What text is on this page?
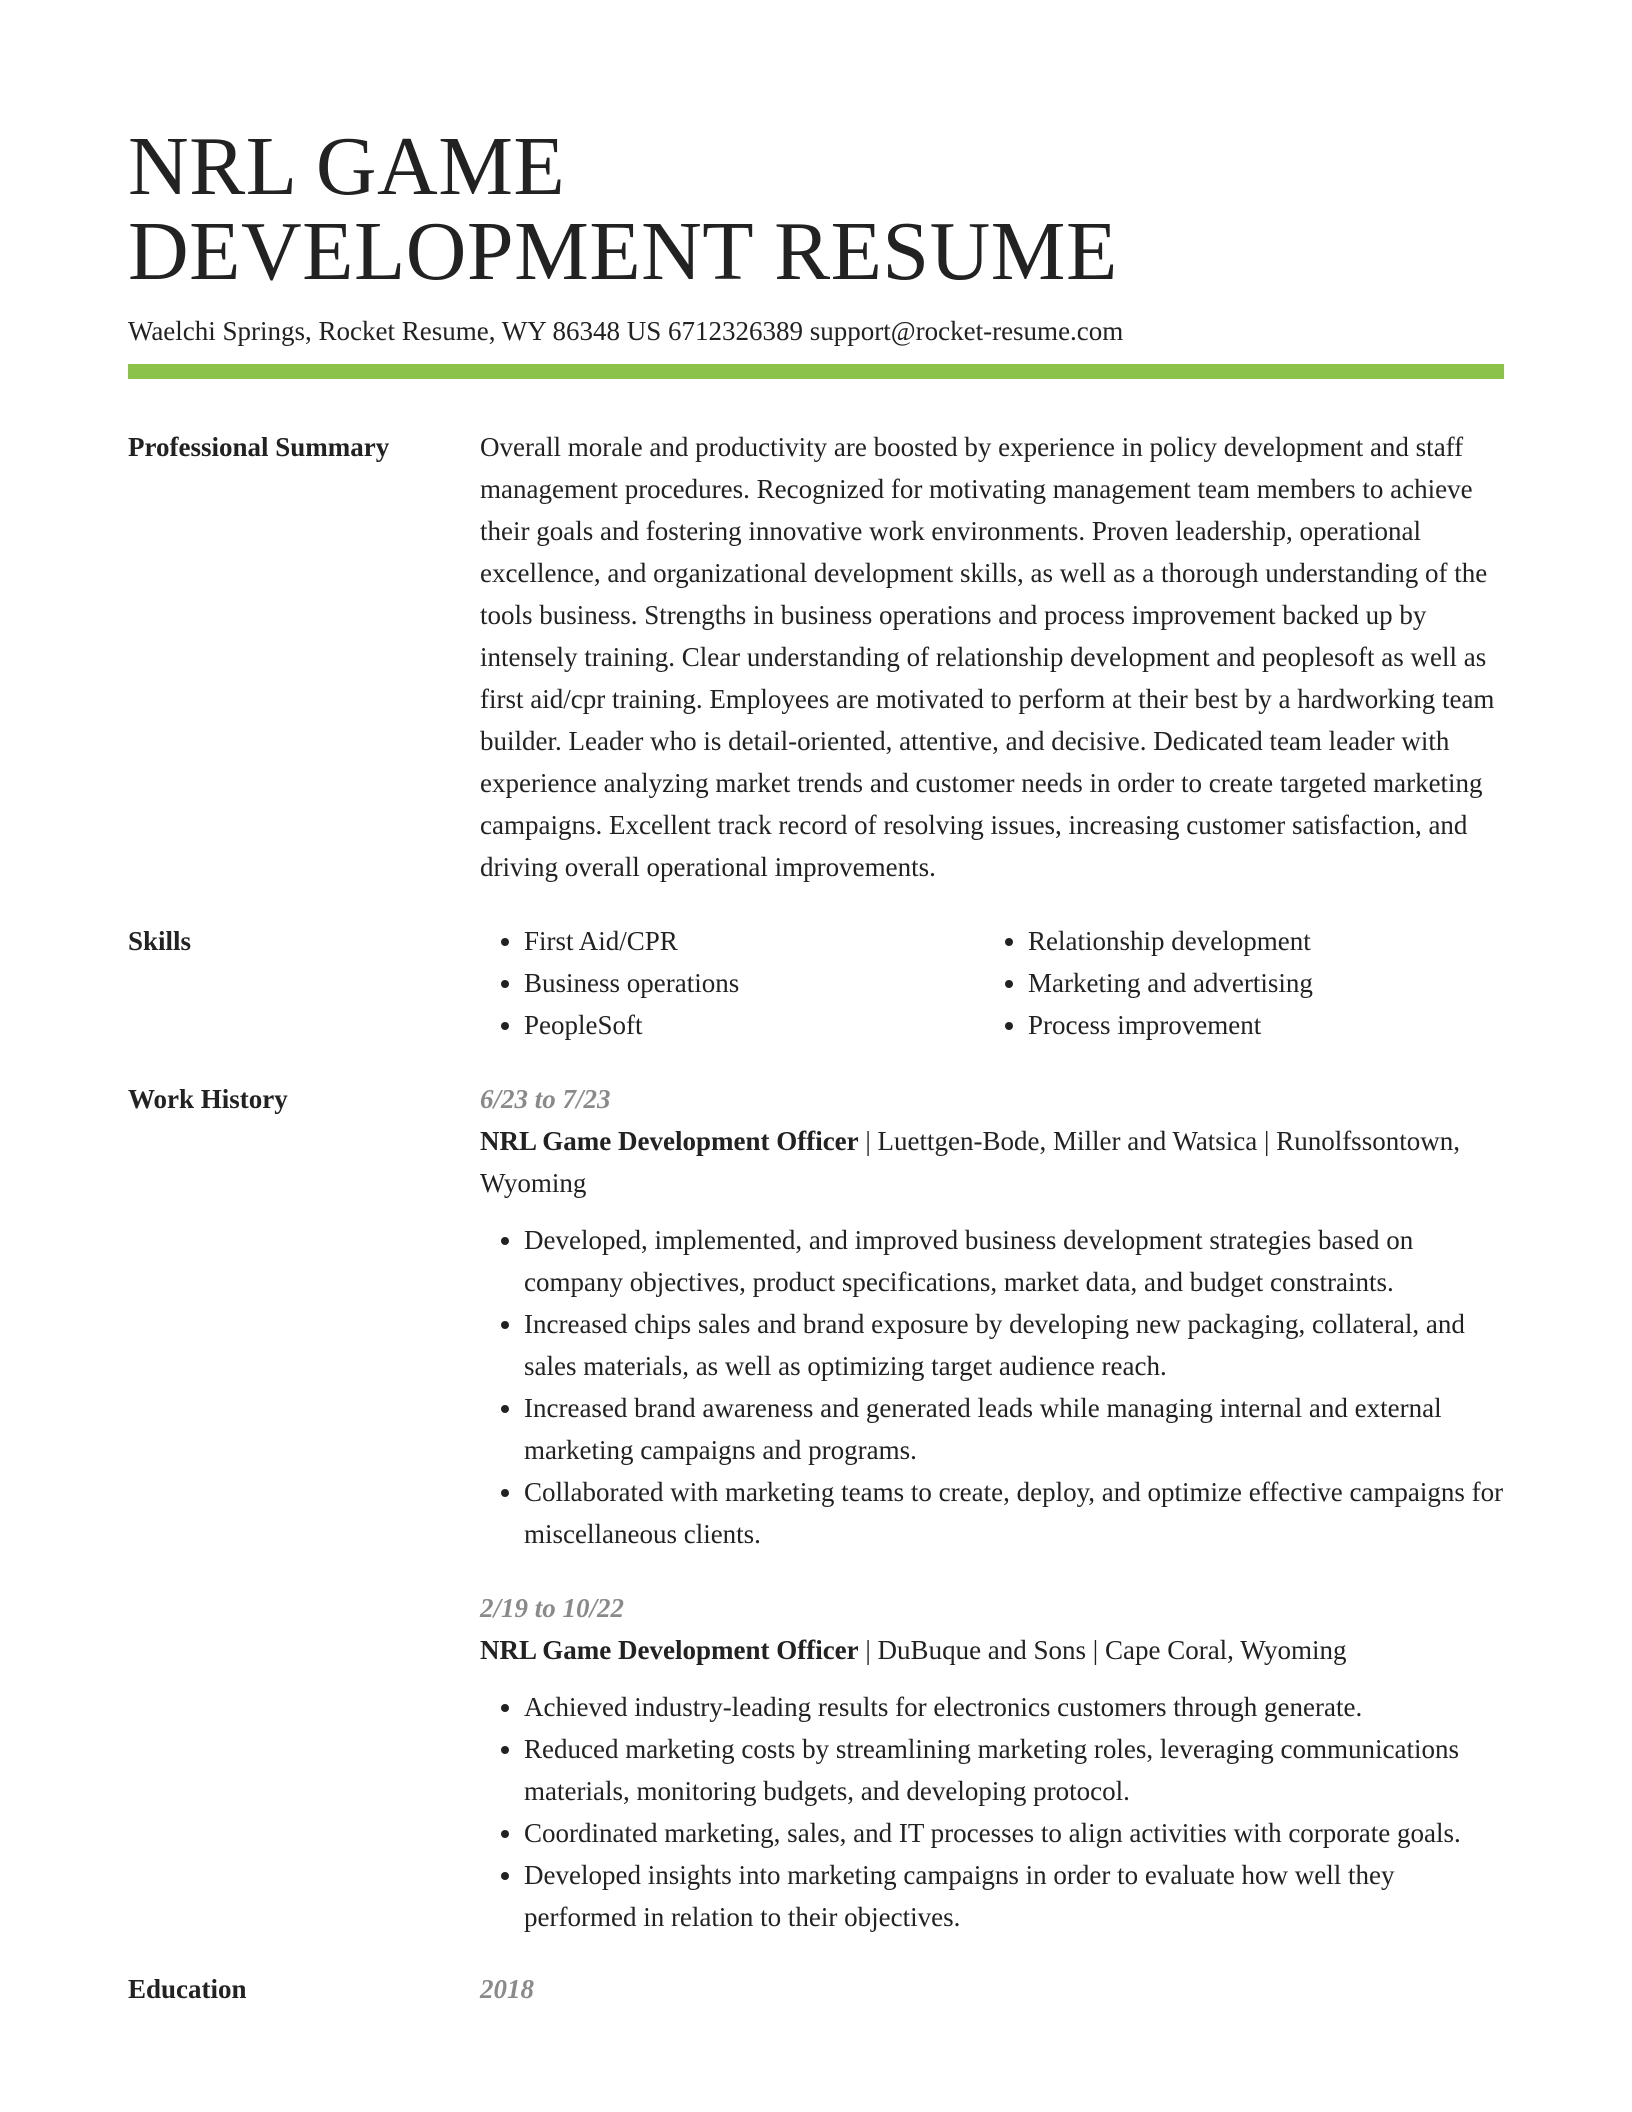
NRL GAME
DEVELOPMENT RESUME
Waelchi Springs, Rocket Resume, WY 86348 US 6712326389 support@rocket-resume.com
Professional Summary	Overall morale and productivity are boosted by experience in policy development and staff management procedures. Recognized for motivating management team members to achieve their goals and fostering innovative work environments. Proven leadership, operational excellence, and organizational development skills, as well as a thorough understanding of the tools business. Strengths in business operations and process improvement backed up by intensely training. Clear understanding of relationship development and peoplesoft as well as first aid/cpr training. Employees are motivated to perform at their best by a hardworking team builder. Leader who is detail-oriented, attentive, and decisive. Dedicated team leader with experience analyzing market trends and customer needs in order to create targeted marketing campaigns. Excellent track record of resolving issues, increasing customer satisfaction, and driving overall operational improvements.
Skills
•	First Aid/CPR
• Business operations
• PeopleSoft
• Relationship development
• Marketing and advertising
• Process improvement
Work History	6/23 to 7/23
NRL Game Development Officer | Luettgen-Bode, Miller and Watsica | Runolfssontown, Wyoming
• Developed, implemented, and improved business development strategies based on company objectives, product specifications, market data, and budget constraints.
• Increased chips sales and brand exposure by developing new packaging, collateral, and sales materials, as well as optimizing target audience reach.
• Increased brand awareness and generated leads while managing internal and external marketing campaigns and programs.
• Collaborated with marketing teams to create, deploy, and optimize effective campaigns for miscellaneous clients.
2/19 to 10/22
NRL Game Development Officer | DuBuque and Sons | Cape Coral, Wyoming
• Achieved industry-leading results for electronics customers through generate.
• Reduced marketing costs by streamlining marketing roles, leveraging communications materials, monitoring budgets, and developing protocol.
• Coordinated marketing, sales, and IT processes to align activities with corporate goals.
• Developed insights into marketing campaigns in order to evaluate how well they performed in relation to their objectives.
Education	2018
